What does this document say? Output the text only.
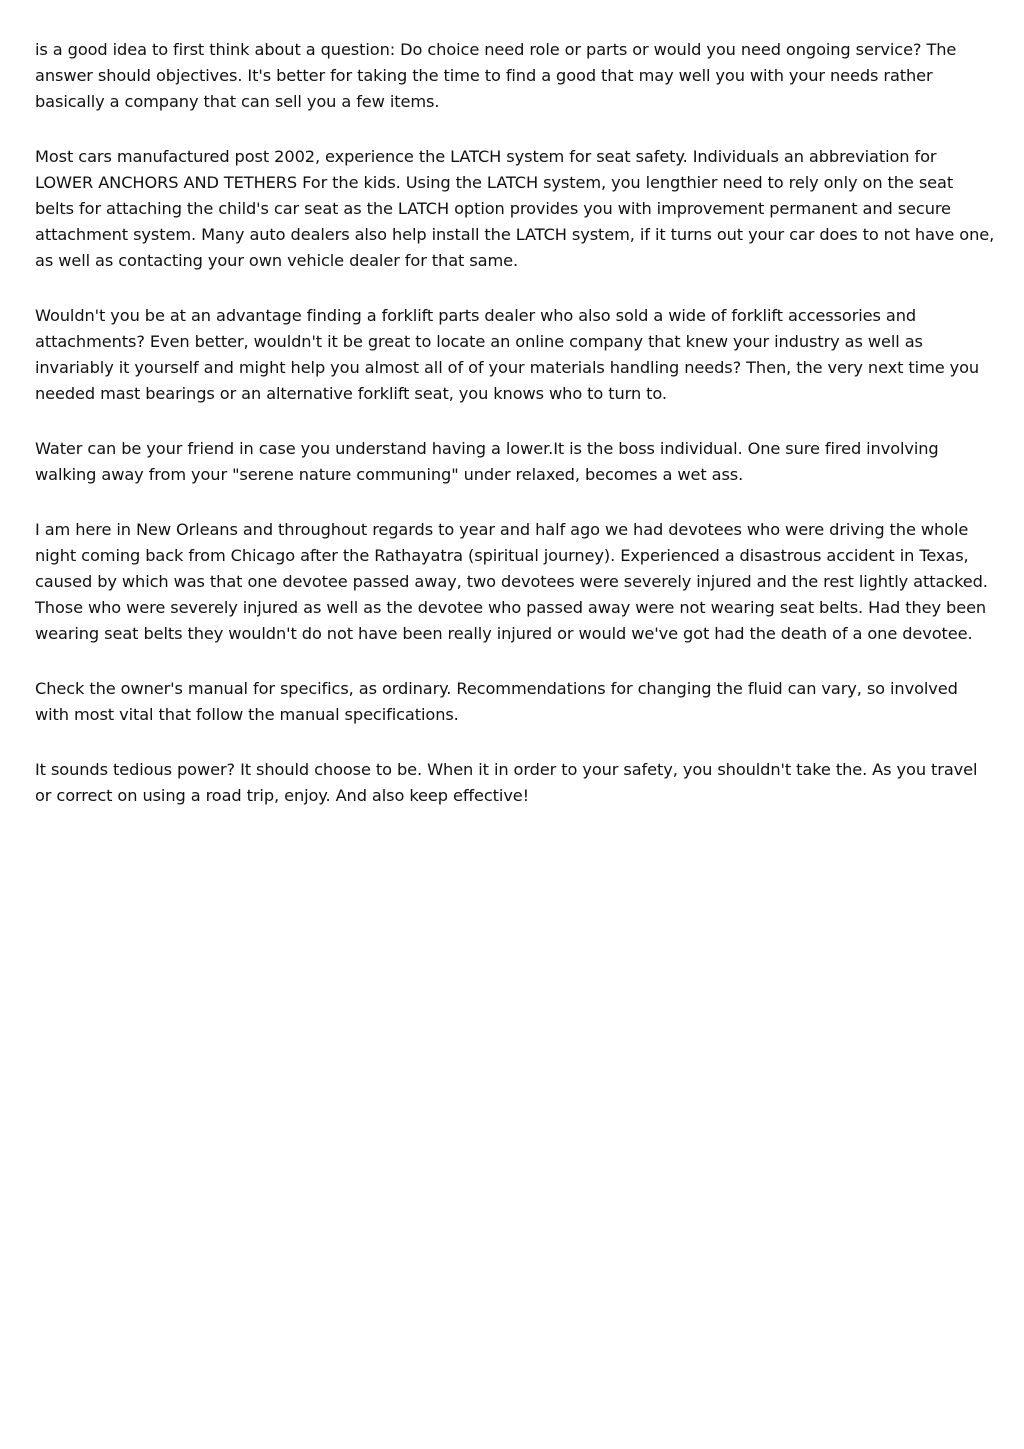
is a good idea to first think about a question: Do choice need role or parts or would you need ongoing service? The answer should objectives. It's better for taking the time to find a good that may well you with your needs rather basically a company that can sell you a few items.

Most cars manufactured post 2002, experience the LATCH system for seat safety. Individuals an abbreviation for LOWER ANCHORS AND TETHERS For the kids. Using the LATCH system, you lengthier need to rely only on the seat belts for attaching the child's car seat as the LATCH option provides you with improvement permanent and secure attachment system. Many auto dealers also help install the LATCH system, if it turns out your car does to not have one, as well as contacting your own vehicle dealer for that same.

Wouldn't you be at an advantage finding a forklift parts dealer who also sold a wide of forklift accessories and attachments? Even better, wouldn't it be great to locate an online company that knew your industry as well as invariably it yourself and might help you almost all of of your materials handling needs? Then, the very next time you needed mast bearings or an alternative forklift seat, you knows who to turn to.

Water can be your friend in case you understand having a lower.It is the boss individual. One sure fired involving walking away from your "serene nature communing" under relaxed, becomes a wet ass.

I am here in New Orleans and throughout regards to year and half ago we had devotees who were driving the whole night coming back from Chicago after the Rathayatra (spiritual journey). Experienced a disastrous accident in Texas, caused by which was that one devotee passed away, two devotees were severely injured and the rest lightly attacked. Those who were severely injured as well as the devotee who passed away were not wearing seat belts. Had they been wearing seat belts they wouldn't do not have been really injured or would we've got had the death of a one devotee.

Check the owner's manual for specifics, as ordinary. Recommendations for changing the fluid can vary, so involved with most vital that follow the manual specifications.

It sounds tedious power? It should choose to be. When it in order to your safety, you shouldn't take the. As you travel or correct on using a road trip, enjoy. And also keep effective!
